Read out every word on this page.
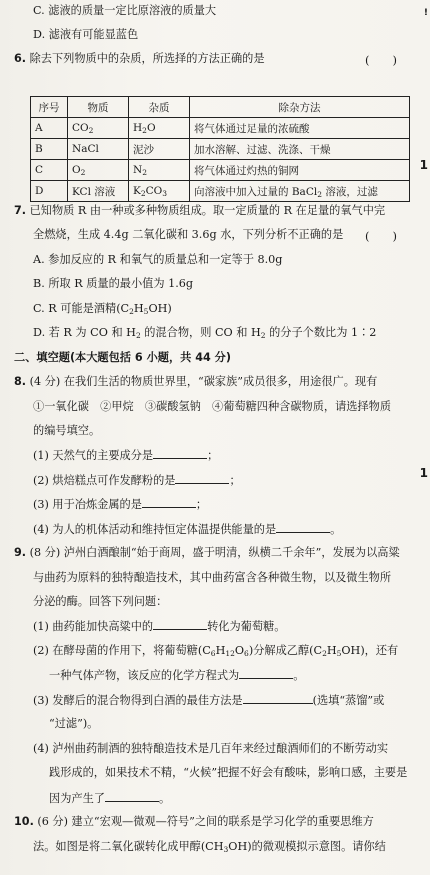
!
1
1
C. 滤液的质量一定比原溶液的质量大
D. 滤液有可能显蓝色
6. 除去下列物质中的杂质，所选择的方法正确的是	(　　)
序号	物质	杂质	除杂方法
A	$CO_2$	$H_2O$	将气体通过足量的浓硫酸
B	NaCl	泥沙	加水溶解、过滤、洗涤、干燥
C	$O_2$	$N_2$	将气体通过灼热的铜网
D	KCl 溶液	$K_2CO_3$	向溶液中加入过量的 BaCl$_2$ 溶液，过滤
7. 已知物质 R 由一种或多种物质组成。取一定质量的 R 在足量的氧气中完
全燃烧，生成 4.4g 二氧化碳和 3.6g 水，下列分析不正确的是 (　　)
A. 参加反应的 R 和氧气的质量总和一定等于 8.0g
B. 所取 R 质量的最小值为 1.6g
C. R 可能是酒精$(C_2H_5OH)$
D. 若 R 为 CO 和 $H_2$ 的混合物，则 CO 和 $H_2$ 的分子个数比为 1∶2
二、填空题(本大题包括 6 小题，共 44 分)
8. (4 分) 在我们生活的物质世界里，“碳家族”成员很多，用途很广。现有
①一氧化碳　②甲烷　③碳酸氢钠　④葡萄糖四种含碳物质，请选择物质
的编号填空。
(1) 天然气的主要成分是	；
(2) 烘焙糕点可作发酵粉的是	；
(3) 用于冶炼金属的是	；
(4) 为人的机体活动和维持恒定体温提供能量的是	。
9. (8 分) 泸州白酒酿制“始于商周，盛于明清，纵横二千余年”，发展为以高粱
与曲药为原料的独特酿造技术，其中曲药富含各种微生物，以及微生物所
分泌的酶。回答下列问题：
(1) 曲药能加快高粱中的	转化为葡萄糖。
(2) 在酵母菌的作用下，将葡萄糖$(C_6H_{12}O_6)$分解成乙醇$(C_2H_5OH)$，还有
一种气体产物，该反应的化学方程式为	。
(3) 发酵后的混合物得到白酒的最佳方法是	(选填“蒸馏”或
“过滤”)。
(4) 泸州曲药制酒的独特酿造技术是几百年来经过酿酒师们的不断劳动实
践形成的，如果技术不精，“火候”把握不好会有酸味，影响口感，主要是
因为产生了	。
10. (6 分) 建立“宏观—微观—符号”之间的联系是学习化学的重要思维方
法。如图是将二氧化碳转化成甲醇$(CH_3OH)$的微观模拟示意图。请你结
